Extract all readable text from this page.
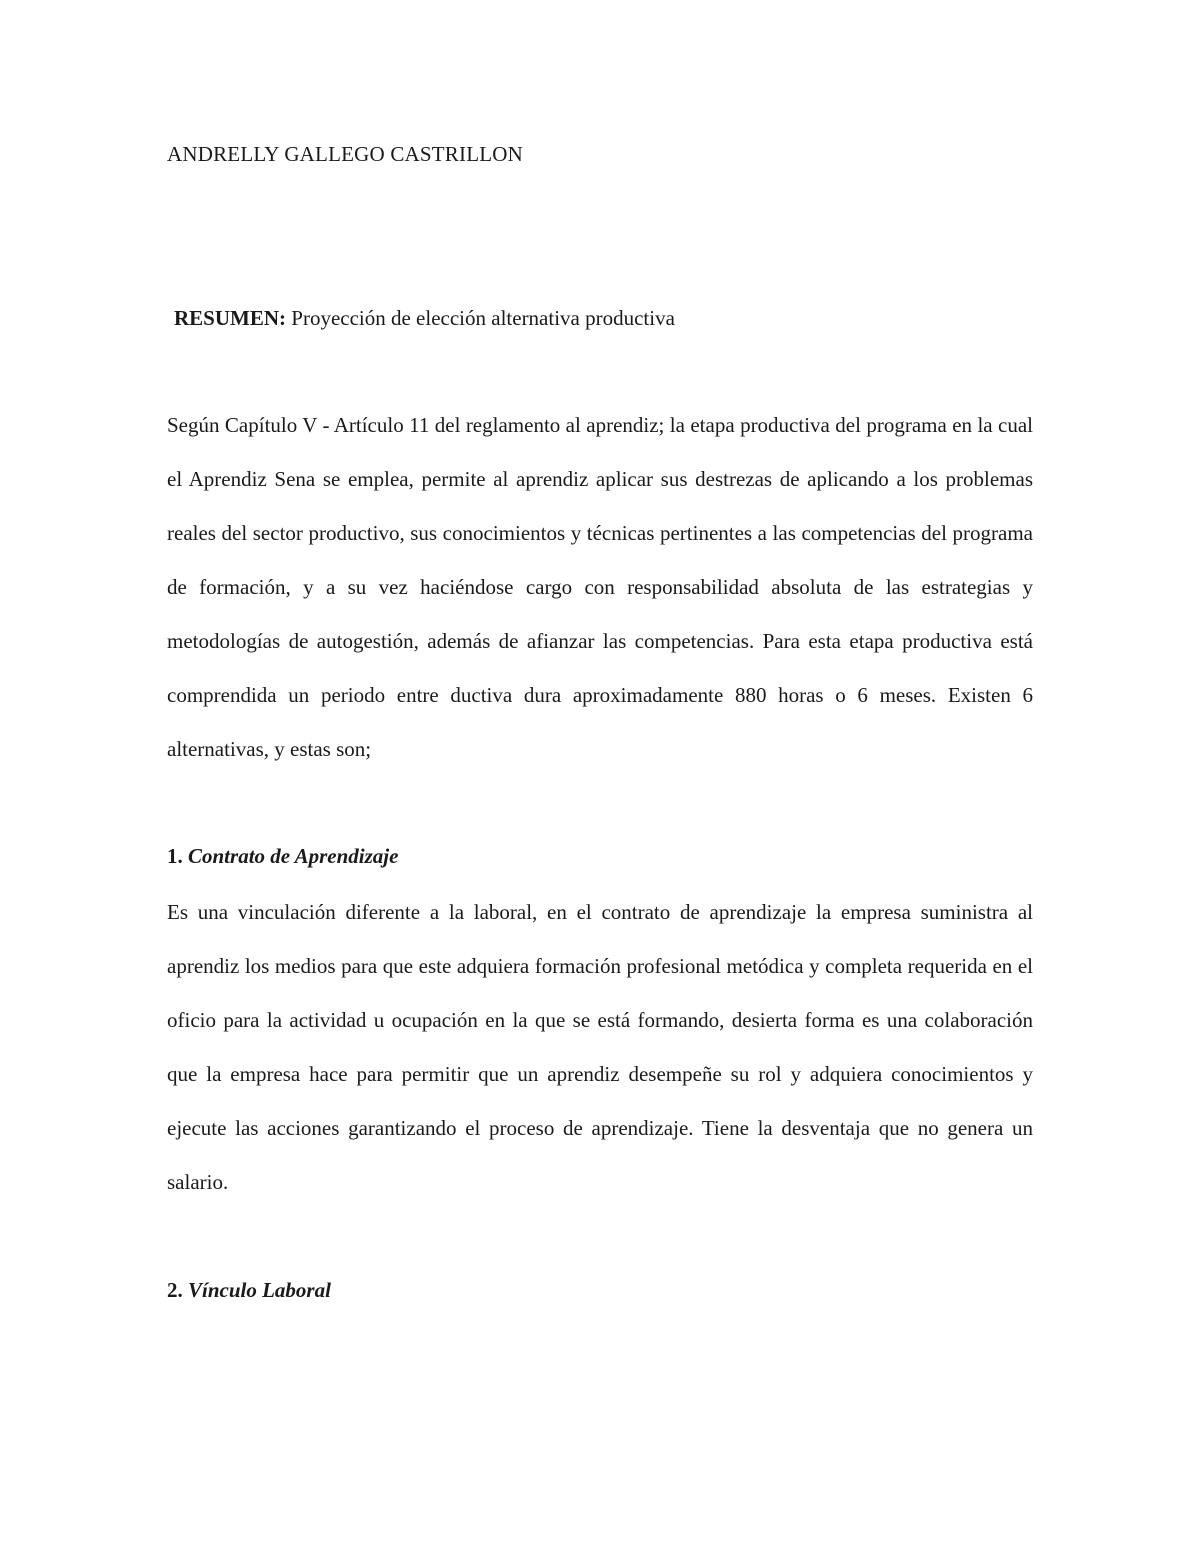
ANDRELLY GALLEGO CASTRILLON
RESUMEN: Proyección de elección alternativa productiva

Según Capítulo V - Artículo 11 del reglamento al aprendiz; la etapa productiva del programa en la cual el Aprendiz Sena se emplea, permite al aprendiz aplicar sus destrezas de aplicando a los problemas reales del sector productivo, sus conocimientos y técnicas pertinentes a las competencias del programa de formación, y a su vez haciéndose cargo con responsabilidad absoluta de las estrategias y metodologías de autogestión, además de afianzar las competencias. Para esta etapa productiva está comprendida un periodo entre ductiva dura aproximadamente 880 horas o 6 meses. Existen 6 alternativas, y estas son;

1. Contrato de Aprendizaje

Es una vinculación diferente a la laboral, en el contrato de aprendizaje la empresa suministra al aprendiz los medios para que este adquiera formación profesional metódica y completa requerida en el oficio para la actividad u ocupación en la que se está formando, desierta forma es una colaboración que la empresa hace para permitir que un aprendiz desempeñe su rol y adquiera conocimientos y ejecute las acciones garantizando el proceso de aprendizaje. Tiene la desventaja que no genera un salario.

2. Vínculo Laboral
